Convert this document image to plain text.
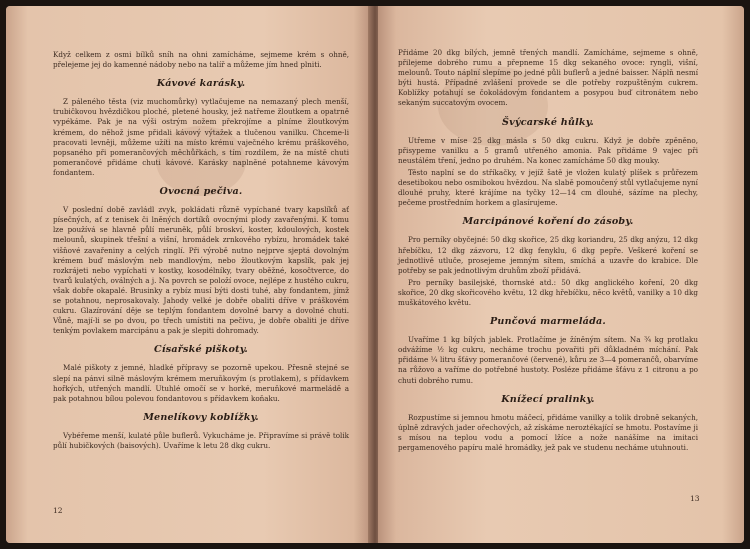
Když celkem z osmi bílků sníh na ohni zamícháme, sejmeme krém s ohně, přelejeme jej do kamenné nádoby nebo na talíř a můžeme jím hned plniti.

Kávové karásky.

Z páleného těsta (viz muchomůrky) vytlačujeme na nemazaný plech menší, trubičkovou hvězdičkou ploché, pletené housky, jež natřeme žloutkem a opatrně vypékáme. Pak je na výši ostrým nožem překrojíme a plníme žloutkovým krémem, do něhož jsme přidali kávový výtažek a tlučenou vanilku. Chceme-li pracovati levněji, můžeme užíti na místo krému vaječného krému práškového, popsaného při pomerančových měchůřkách, s tím rozdílem, že na místě chuti pomerančové přidáme chuti kávové. Karásky naplněné potahneme kávovým fondantem.

Ovocná pečiva.

V poslední době zavládl zvyk, pokládati různě vypíchané tvary kapslíků ať písečných, ať z tenisek či lněných dortíků ovocnými plody zavařenými. K tomu lze používá se hlavně půlí meruněk, půlí broskví, koster, kdoulových, kostek melounů, skupinek třešní a višní, hromádek zrnkového rybízu, hromádek také višňové zavařeniny a celých ringlí. Při výrobě nutno nejprve sjeptá dovolným krémem buď máslovým neb mandlovým, nebo žloutkovým kapslík, pak jej rozkrájeti nebo vypíchati v kostky, kosodélníky, tvary oběžné, kosočtverce, do tvarů kulatých, oválných a j. Na povrch se položí ovoce, nejlépe z hustého cukru, však dobře okapalé. Brusinky a rybíz musí býti dosti tuhé, aby fondantem, jímž se potahnou, neprosakovaly. Jahody velké je dobře obaliti dříve v práškovém cukru. Glazírování děje se teplým fondantem dovolné barvy a dovolné chuti. Vůně, mají-li se po dvou, po třech umístiti na pečivu, je dobře obaliti je dříve tenkým povlakem marcipánu a pak je slepiti dohromady.

Císařské piškoty.

Malé piškoty z jemné, hladké přípravy se pozorně upekou. Přesně stejné se slepí na pánvi silně máslovým krémem meruňkovým (s protlakem), s přídavkem hořkých, utřených mandlí. Utuhlé omočí se v horké, meruňkové marmeládě a pak potahnou bílou polevou fondantovou s přídavkem koňaku.

Menelíkovy koblížky.

Vybéřeme menší, kulaté půle buflerů. Vykucháme je. Připravíme si právě tolik půlí hubičkových (baisových). Uvaříme k letu 28 dkg cukru.

12

Přidáme 20 dkg bílých, jemně třených mandlí. Zamícháme, sejmeme s ohně, přilejeme dobrého rumu a přepneme 15 dkg sekaného ovoce: ryngli, višní, melounů. Touto náplní slepíme po jedné půli buflerů a jedné baisser. Náplň nesmí býti hustá. Případné zvlášení provede se dle potřeby rozpuštěným cukrem. Koblížky potahují se čokoládovým fondantem a posypou buď citronátem nebo sekaným succatovým ovocem.

Švýcarské hůlky.

Utřeme v míse 25 dkg másla s 50 dkg cukru. Když je dobře zpěněno, přisypeme vanilku a 5 gramů utřeného amonia. Pak přidáme 9 vajec při neustálém tření, jedno po druhém. Na konec zamícháme 50 dkg mouky.

Těsto naplní se do stříkačky, v jejíž šatě je vložen kulatý plíšek s průřezem desetibokou nebo osmibokou hvězdou. Na slabě pomoučený stůl vytlačujeme nyní dlouhé pruhy, které krájíme na tyčky 12—14 cm dlouhé, sázíme na plechy, pečeme prostředním horkem a glasírujeme.

Marcipánové koření do zásoby.

Pro perníky obyčejné: 50 dkg skořice, 25 dkg koriandru, 25 dkg anýzu, 12 dkg hřebíčku, 12 dkg zázvoru, 12 dkg fenyklu, 6 dkg pepře. Veškeré koření se jednotlivě utluče, prosejeme jemným sítem, smíchá a uzavře do krabice. Dle potřeby se pak jednotlivým druhům zboží přidává.

Pro perníky basilejské, thornské atd.: 50 dkg anglického koření, 20 dkg skořice, 20 dkg skořicového květu, 12 dkg hřebíčku, něco květů, vanilky a 10 dkg muškátového květu.

Punčová marmeláda.

Uvaříme 1 kg bílých jablek. Protlačíme je žíněným sítem. Na ¾ kg protlaku odvážíme ½ kg cukru, necháme trochu povařiti při důkladném míchání. Pak přidáme ¼ litru šťávy pomerančové (červené), kůru ze 3—4 pomerančů, obarvíme na růžovo a vaříme do potřebné hustoty. Posléze přidáme šťávu z 1 citronu a po chuti dobrého rumu.

Knížecí pralinky.

Rozpustíme si jemnou hmotu máčecí, přidáme vanilky a tolik drobně sekaných, úplně zdravých jader ořechových, až získáme neroztékající se hmotu. Postavíme ji s mísou na teplou vodu a pomocí lžíce a nože nanášíme na imitaci pergamenového papíru malé hromádky, jež pak ve studenu necháme utuhnouti.

13
